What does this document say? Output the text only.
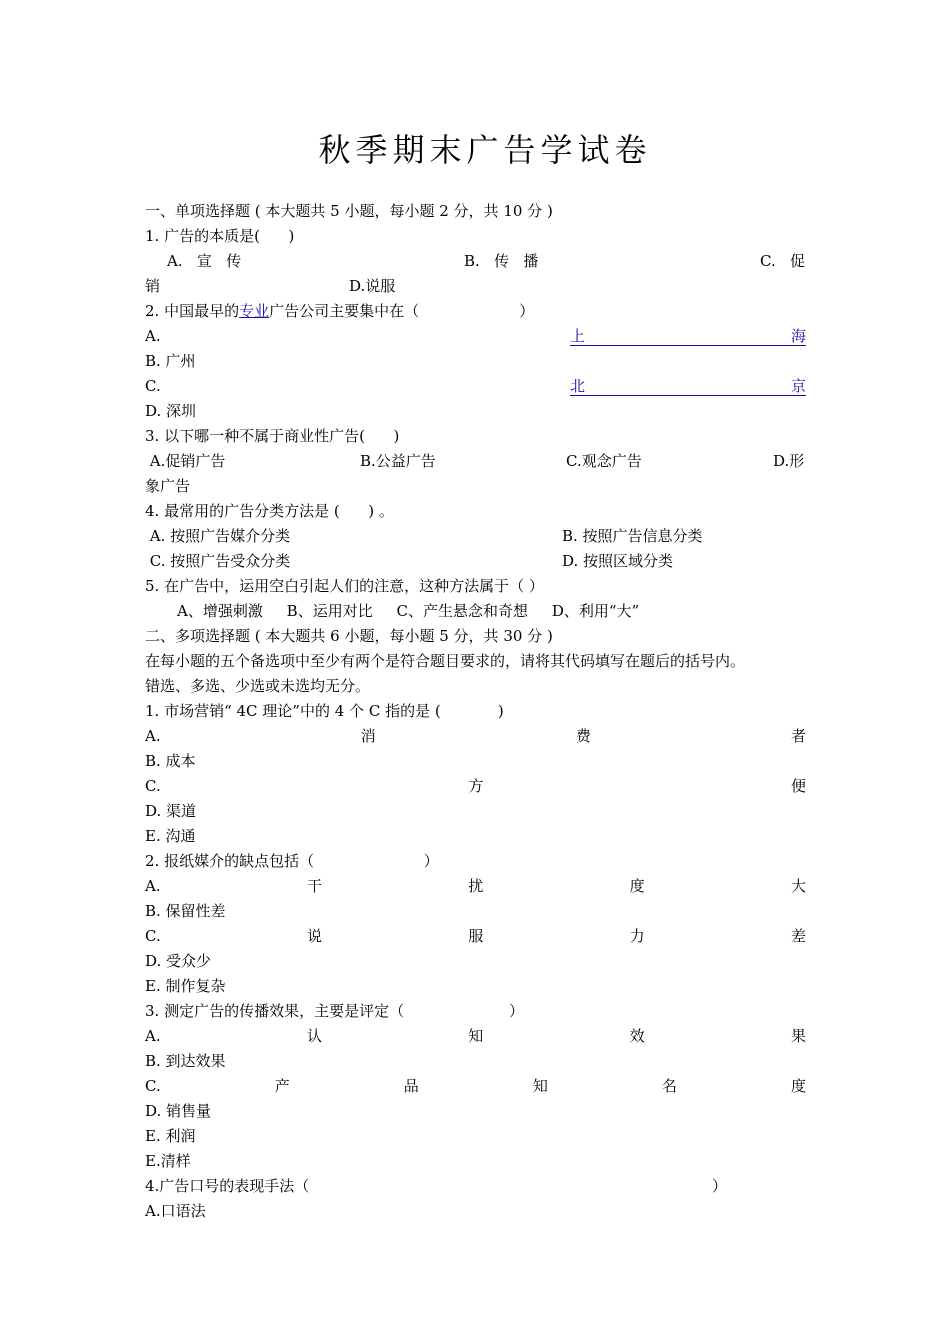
秋季期末广告学试卷
一、单项选择题 ( 本大题共 5 小题，每小题 2 分，共 10 分 )
1. 广告的本质是(      )
A.   宣   传	B.   传   播	C.   促
销	D.说服
2. 中国最早的专业广告公司主要集中在（                     ）
A.	上	海
B. 广州
C.	北	京
D. 深圳
3. 以下哪一种不属于商业性广告(      )
A.促销广告	B.公益广告	C.观念广告	D.形
象广告
4. 最常用的广告分类方法是 (      ) 。
A. 按照广告媒介分类	B. 按照广告信息分类
C. 按照广告受众分类	D. 按照区域分类
5. 在广告中，运用空白引起人们的注意，这种方法属于（ ）
A、增强刺激     B、运用对比     C、产生悬念和奇想     D、利用“大”
二、多项选择题 ( 本大题共 6 小题，每小题 5 分，共 30 分 )
在每小题的五个备选项中至少有两个是符合题目要求的，请将其代码填写在题后的括号内。
错选、多选、少选或未选均无分。
1. 市场营销“ 4C 理论”中的 4 个 C 指的是 (            )
A.	消	费	者
B. 成本
C.	方	便
D. 渠道
E. 沟通
2. 报纸媒介的缺点包括（                       ）
A.	干	扰	度	大
B. 保留性差
C.	说	服	力	差
D. 受众少
E. 制作复杂
3. 测定广告的传播效果，主要是评定（                      ）
A.	认	知	效	果
B. 到达效果
C.	产	品	知	名	度
D. 销售量
E. 利润
E.清样
4.广告口号的表现手法（	）
A.口语法
